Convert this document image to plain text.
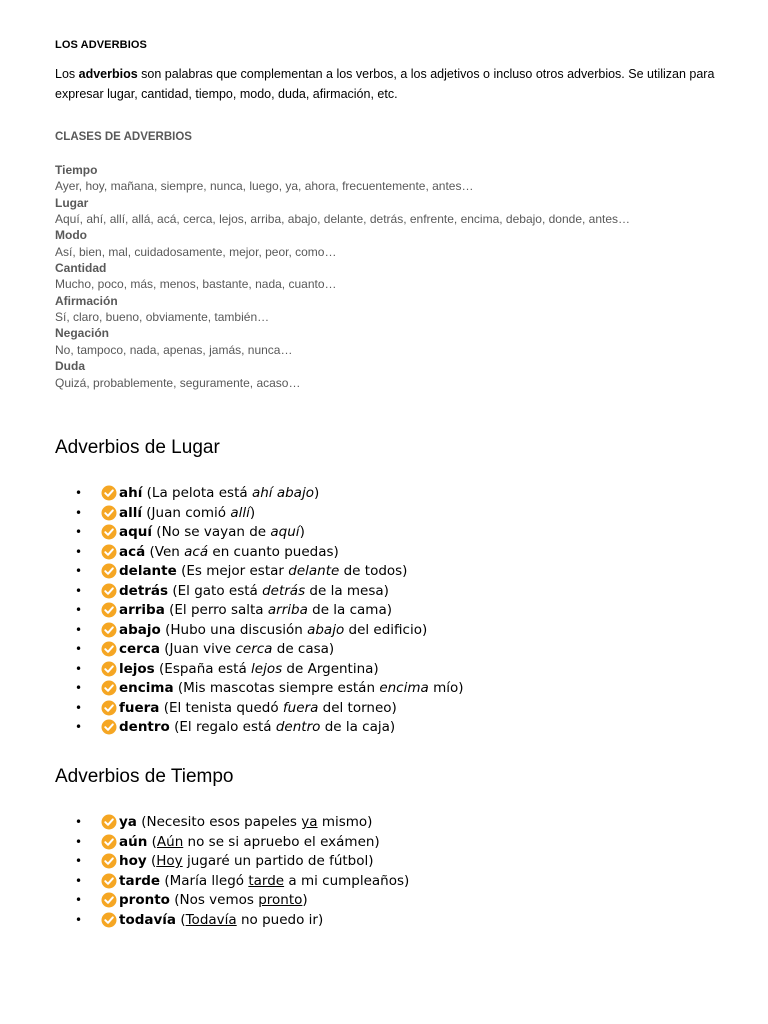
LOS ADVERBIOS
Los adverbios son palabras que complementan a los verbos, a los adjetivos o incluso otros adverbios. Se utilizan para expresar lugar, cantidad, tiempo, modo, duda, afirmación, etc.
CLASES DE ADVERBIOS
Tiempo
Ayer, hoy, mañana, siempre, nunca, luego, ya, ahora, frecuentemente, antes…
Lugar
Aquí, ahí, allí, allá, acá, cerca, lejos, arriba, abajo, delante, detrás, enfrente, encima, debajo, donde, antes…
Modo
Así, bien, mal, cuidadosamente, mejor, peor, como…
Cantidad
Mucho, poco, más, menos, bastante, nada, cuanto…
Afirmación
Sí, claro, bueno, obviamente, también…
Negación
No, tampoco, nada, apenas, jamás, nunca…
Duda
Quizá, probablemente, seguramente, acaso…
Adverbios de Lugar
•	ahí (La pelota está ahí abajo)
•	allí (Juan comió allí)
•	aquí (No se vayan de aquí)
•	acá (Ven acá en cuanto puedas)
•	delante (Es mejor estar delante de todos)
•	detrás (El gato está detrás de la mesa)
•	arriba (El perro salta arriba de la cama)
•	abajo (Hubo una discusión abajo del edificio)
•	cerca (Juan vive cerca de casa)
•	lejos (España está lejos de Argentina)
•	encima (Mis mascotas siempre están encima mío)
•	fuera (El tenista quedó fuera del torneo)
•	dentro (El regalo está dentro de la caja)
Adverbios de Tiempo
•	ya (Necesito esos papeles ya mismo)
•	aún (Aún no se si apruebo el exámen)
•	hoy (Hoy jugaré un partido de fútbol)
•	tarde (María llegó tarde a mi cumpleaños)
•	pronto (Nos vemos pronto)
•	todavía (Todavía no puedo ir)
